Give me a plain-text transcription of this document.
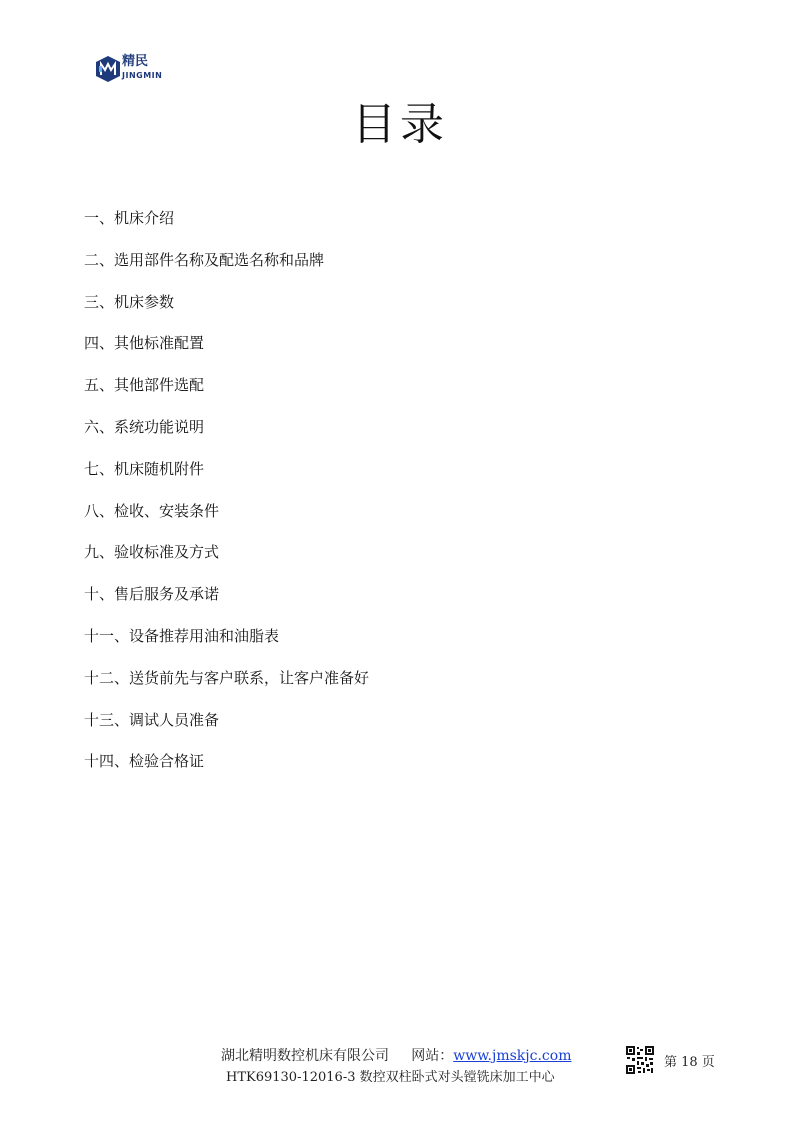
精民
JINGMIN
目录
一、机床介绍
二、选用部件名称及配选名称和品牌
三、机床参数
四、其他标准配置
五、其他部件选配
六、系统功能说明
七、机床随机附件
八、检收、安装条件
九、验收标准及方式
十、售后服务及承诺
十一、设备推荐用油和油脂表
十二、送货前先与客户联系，让客户准备好
十三、调试人员准备
十四、检验合格证
湖北精明数控机床有限公司 网站：www.jmskjc.com
HTK69130-12016-3 数控双柱卧式对头镗铣床加工中心
第 18 页
